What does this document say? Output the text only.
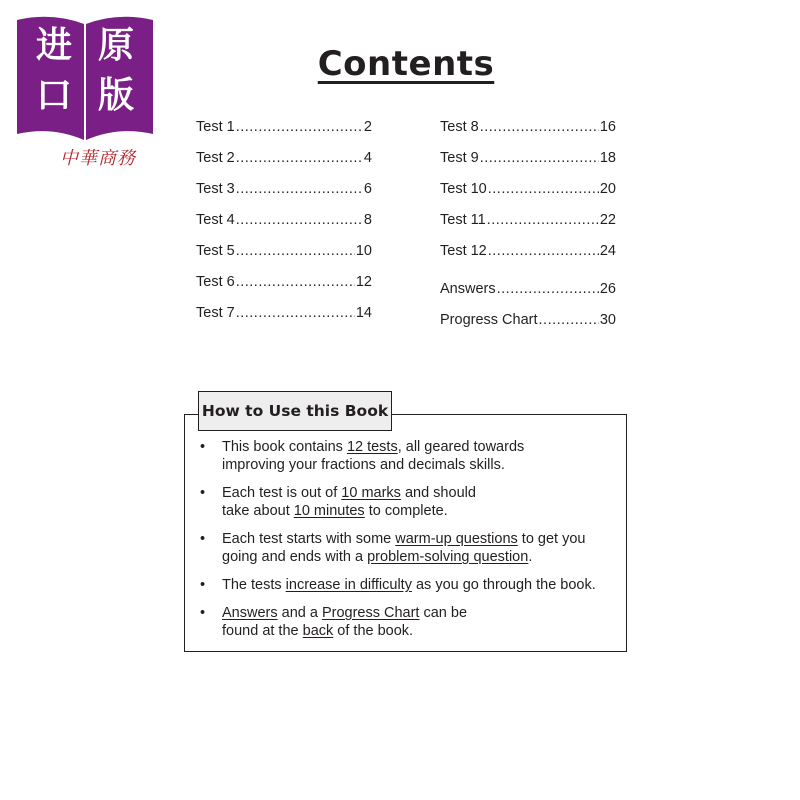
进 原
口 版
中華商務
Contents
Test 1 .....	2
Test 2 .....	4
Test 3 .....	6
Test 4 .....	8
Test 5 .....	10
Test 6 .....	12
Test 7 .....	14
Test 8 .....	16
Test 9 .....	18
Test 10 .....	20
Test 11 .....	22
Test 12 .....	24
Answers .....	26
Progress Chart .....	30
How to Use this Book
•	This book contains 12 tests, all geared towards
improving your fractions and decimals skills.
•	Each test is out of 10 marks and should
take about 10 minutes to complete.
•	Each test starts with some warm-up questions to get you
going and ends with a problem-solving question.
•	The tests increase in difficulty as you go through the book.
•	Answers and a Progress Chart can be
found at the back of the book.
